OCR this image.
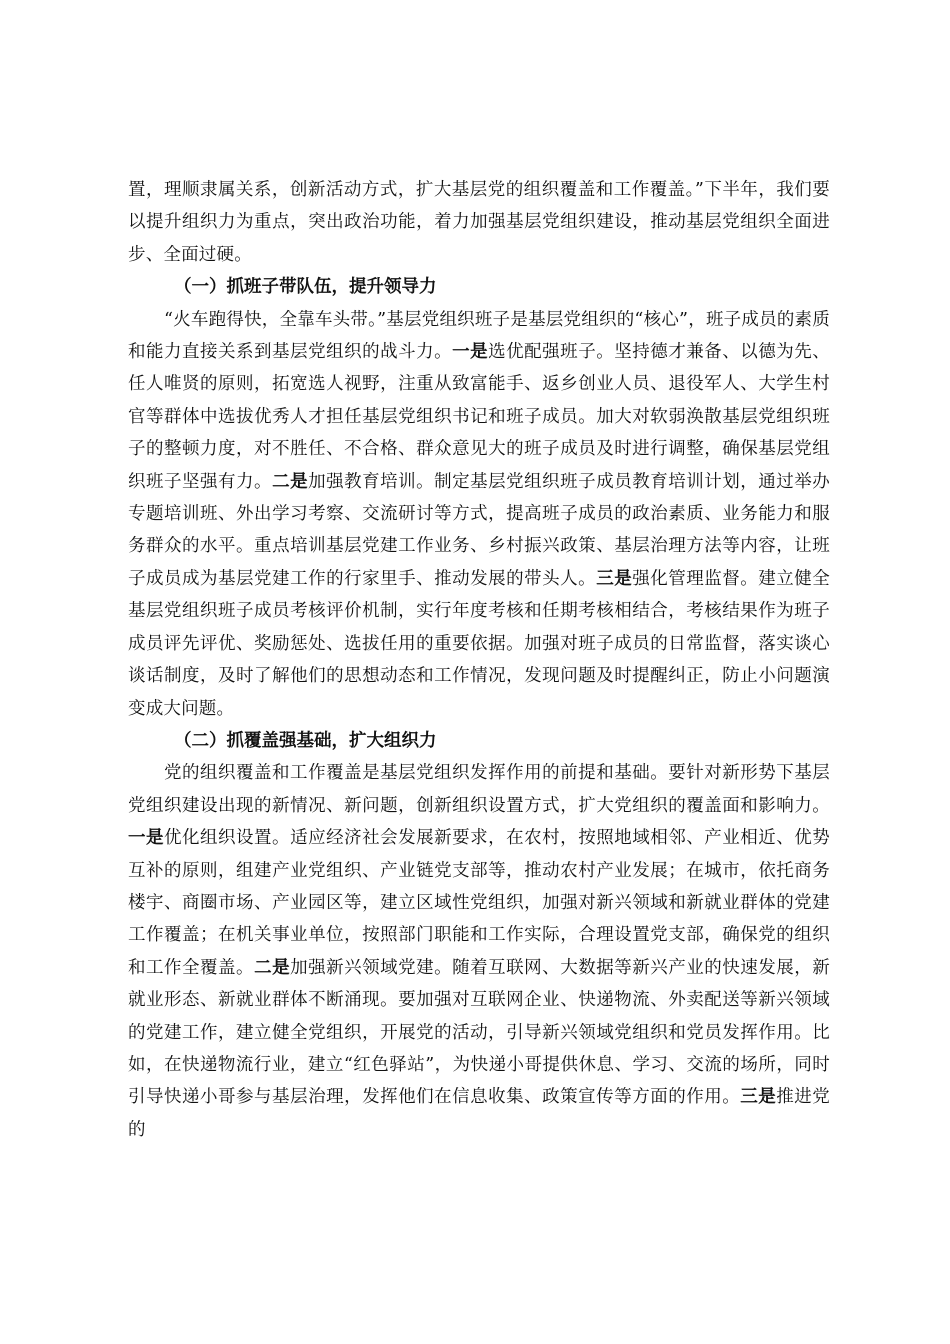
置，理顺隶属关系，创新活动方式，扩大基层党的组织覆盖和工作覆盖。”下半年，我们要以提升组织力为重点，突出政治功能，着力加强基层党组织建设，推动基层党组织全面进步、全面过硬。

（一）抓班子带队伍，提升领导力

“火车跑得快，全靠车头带。”基层党组织班子是基层党组织的“核心”，班子成员的素质和能力直接关系到基层党组织的战斗力。一是选优配强班子。坚持德才兼备、以德为先、任人唯贤的原则，拓宽选人视野，注重从致富能手、返乡创业人员、退役军人、大学生村官等群体中选拔优秀人才担任基层党组织书记和班子成员。加大对软弱涣散基层党组织班子的整顿力度，对不胜任、不合格、群众意见大的班子成员及时进行调整，确保基层党组织班子坚强有力。二是加强教育培训。制定基层党组织班子成员教育培训计划，通过举办专题培训班、外出学习考察、交流研讨等方式，提高班子成员的政治素质、业务能力和服务群众的水平。重点培训基层党建工作业务、乡村振兴政策、基层治理方法等内容，让班子成员成为基层党建工作的行家里手、推动发展的带头人。三是强化管理监督。建立健全基层党组织班子成员考核评价机制，实行年度考核和任期考核相结合，考核结果作为班子成员评先评优、奖励惩处、选拔任用的重要依据。加强对班子成员的日常监督，落实谈心谈话制度，及时了解他们的思想动态和工作情况，发现问题及时提醒纠正，防止小问题演变成大问题。

（二）抓覆盖强基础，扩大组织力

党的组织覆盖和工作覆盖是基层党组织发挥作用的前提和基础。要针对新形势下基层党组织建设出现的新情况、新问题，创新组织设置方式，扩大党组织的覆盖面和影响力。一是优化组织设置。适应经济社会发展新要求，在农村，按照地域相邻、产业相近、优势互补的原则，组建产业党组织、产业链党支部等，推动农村产业发展；在城市，依托商务楼宇、商圈市场、产业园区等，建立区域性党组织，加强对新兴领域和新就业群体的党建工作覆盖；在机关事业单位，按照部门职能和工作实际，合理设置党支部，确保党的组织和工作全覆盖。二是加强新兴领域党建。随着互联网、大数据等新兴产业的快速发展，新就业形态、新就业群体不断涌现。要加强对互联网企业、快递物流、外卖配送等新兴领域的党建工作，建立健全党组织，开展党的活动，引导新兴领域党组织和党员发挥作用。比如，在快递物流行业，建立“红色驿站”，为快递小哥提供休息、学习、交流的场所，同时引导快递小哥参与基层治理，发挥他们在信息收集、政策宣传等方面的作用。三是推进党的
